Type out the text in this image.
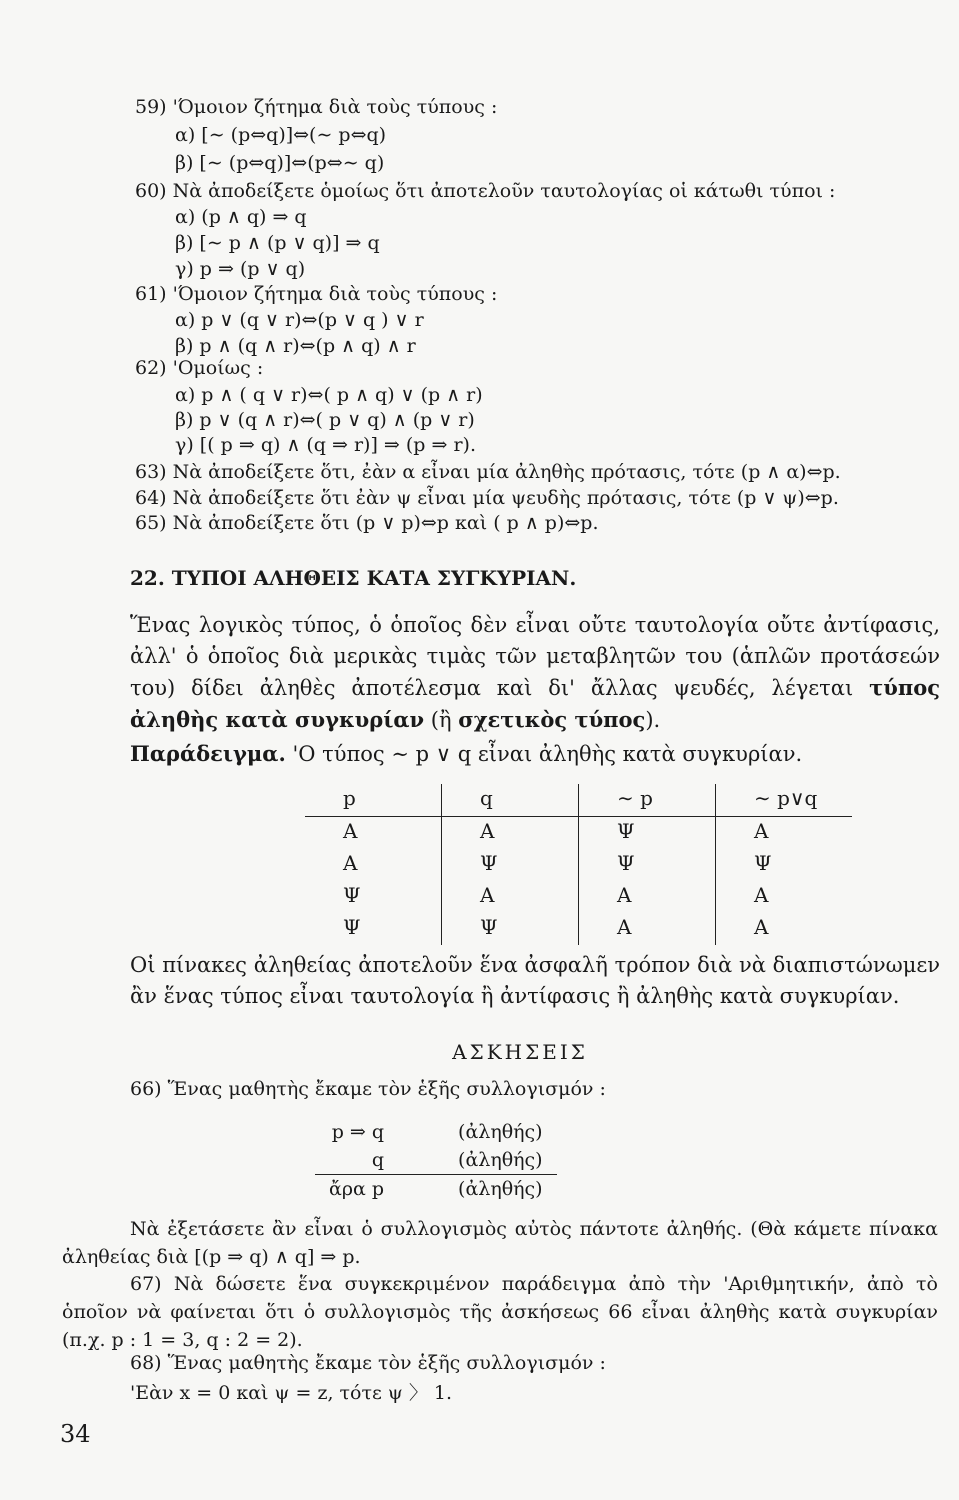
59) 'Όμοιον ζήτημα διὰ τοὺς τύπους :
α) [∼ (p⇔q)]⇔(∼ p⇔q)
β) [∼ (p⇔q)]⇔(p⇔∼ q)
60) Νὰ ἀποδείξετε ὁμοίως ὅτι ἀποτελοῦν ταυτολογίας οἱ κάτωθι τύποι :
α) (p ∧ q) ⇒ q
β) [∼ p ∧ (p ∨ q)] ⇒ q
γ) p ⇒ (p ∨ q)
61) 'Όμοιον ζήτημα διὰ τοὺς τύπους :
α) p ∨ (q ∨ r)⇔(p ∨ q ) ∨ r
β) p ∧ (q ∧ r)⇔(p ∧ q) ∧ r
62) 'Ομοίως :
α) p ∧ ( q ∨ r)⇔( p ∧ q) ∨ (p ∧ r)
β) p ∨ (q ∧ r)⇔( p ∨ q) ∧ (p ∨ r)
γ) [( p ⇒ q) ∧ (q ⇒ r)] ⇒ (p ⇒ r).
63) Νὰ ἀποδείξετε ὅτι, ἐὰν α εἶναι μία ἀληθὴς πρότασις, τότε (p ∧ α)⇔p.
64) Νὰ ἀποδείξετε ὅτι ἐὰν ψ εἶναι μία ψευδὴς πρότασις, τότε (p ∨ ψ)⇔p.
65) Νὰ ἀποδείξετε ὅτι (p ∨ p)⇔p καὶ ( p ∧ p)⇔p.
22. ΤΥΠΟΙ ΑΛΗΘΕΙΣ ΚΑΤΑ ΣΥΓΚΥΡΙΑΝ.
Ἕνας λογικὸς τύπος, ὁ ὁποῖος δὲν εἶναι οὔτε ταυτολογία οὔτε ἀντίφασις, ἀλλ' ὁ ὁποῖος διὰ μερικὰς τιμὰς τῶν μεταβλητῶν του (ἁπλῶν προτάσεών του) δίδει ἀληθὲς ἀποτέλεσμα καὶ δι' ἄλλας ψευδές, λέγεται τύπος ἀληθὴς κατὰ συγκυρίαν (ἢ σχετικὸς τύπος).
Παράδειγμα. 'Ο τύπος ∼ p ∨ q εἶναι ἀληθὴς κατὰ συγκυρίαν.
p	q	∼ p	∼ p∨q
Α	Α	Ψ	Α
Α	Ψ	Ψ	Ψ
Ψ	Α	Α	Α
Ψ	Ψ	Α	Α
Οἱ πίνακες ἀληθείας ἀποτελοῦν ἕνα ἀσφαλῆ τρόπον διὰ νὰ διαπιστώνωμεν ἂν ἕνας τύπος εἶναι ταυτολογία ἢ ἀντίφασις ἢ ἀληθὴς κατὰ συγκυρίαν.
ΑΣΚΗΣΕΙΣ
66) Ἕνας μαθητὴς ἔκαμε τὸν ἑξῆς συλλογισμόν :
p ⇒ q	(ἀληθής)
q	(ἀληθής)
ἄρα p	(ἀληθής)
Νὰ ἐξετάσετε ἂν εἶναι ὁ συλλογισμὸς αὐτὸς πάντοτε ἀληθής. (Θὰ κάμετε πίνακα ἀληθείας διὰ [(p ⇒ q) ∧ q] ⇒ p.
67) Νὰ δώσετε ἕνα συγκεκριμένον παράδειγμα ἀπὸ τὴν 'Αριθμητικήν, ἀπὸ τὸ ὁποῖον νὰ φαίνεται ὅτι ὁ συλλογισμὸς τῆς ἀσκήσεως 66 εἶναι ἀληθὴς κατὰ συγκυρίαν (π.χ. p : 1 = 3, q : 2 = 2).
68) Ἕνας μαθητὴς ἔκαμε τὸν ἑξῆς συλλογισμόν :
'Εὰν x = 0 καὶ ψ = z, τότε ψ 〉 1.
34
